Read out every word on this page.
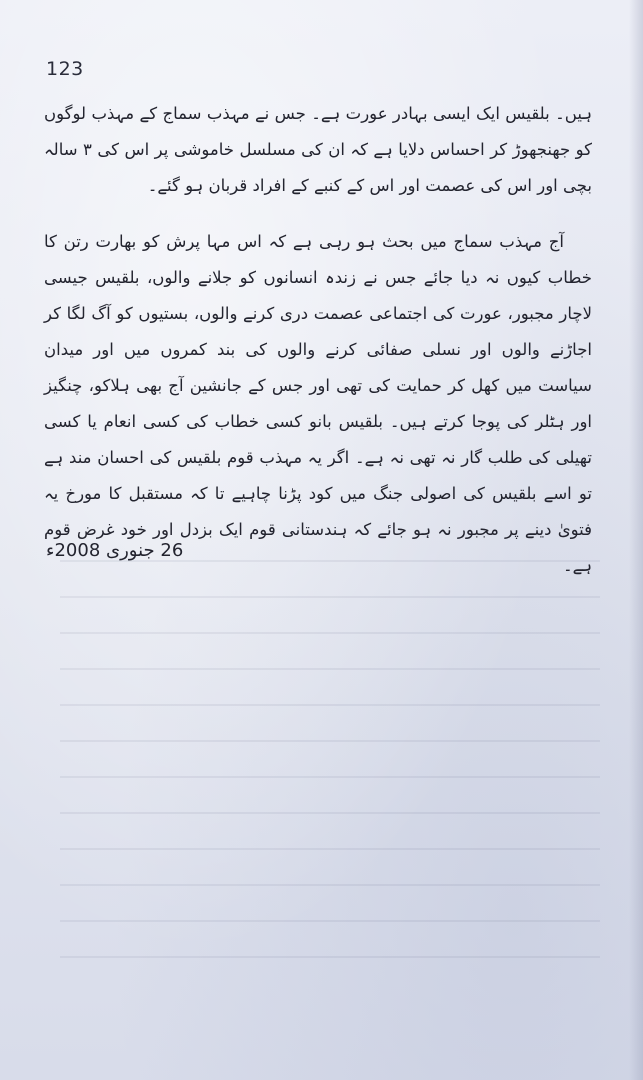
123

ہیں۔ بلقیس ایک ایسی بہادر عورت ہے۔ جس نے مہذب سماج کے مہذب لوگوں کو جھنجھوڑ کر احساس دلایا ہے کہ ان کی مسلسل خاموشی پر اس کی ۳ سالہ بچی اور اس کی عصمت اور اس کے کنبے کے افراد قربان ہو گئے۔

آج مہذب سماج میں بحث ہو رہی ہے کہ اس مہا پرش کو بھارت رتن کا خطاب کیوں نہ دیا جائے جس نے زندہ انسانوں کو جلانے والوں، بلقیس جیسی لاچار مجبور، عورت کی اجتماعی عصمت دری کرنے والوں، بستیوں کو آگ لگا کر اجاڑنے والوں اور نسلی صفائی کرنے والوں کی بند کمروں میں اور میدان سیاست میں کھل کر حمایت کی تھی اور جس کے جانشین آج بھی ہلاکو، چنگیز اور ہٹلر کی پوجا کرتے ہیں۔ بلقیس بانو کسی خطاب کی کسی انعام یا کسی تھیلی کی طلب گار نہ تھی نہ ہے۔ اگر یہ مہذب قوم بلقیس کی احسان مند ہے تو اسے بلقیس کی اصولی جنگ میں کود پڑنا چاہیے تا کہ مستقبل کا مورخ یہ فتویٰ دینے پر مجبور نہ ہو جائے کہ ہندستانی قوم ایک بزدل اور خود غرض قوم ہے۔

26 جنوری 2008ء
